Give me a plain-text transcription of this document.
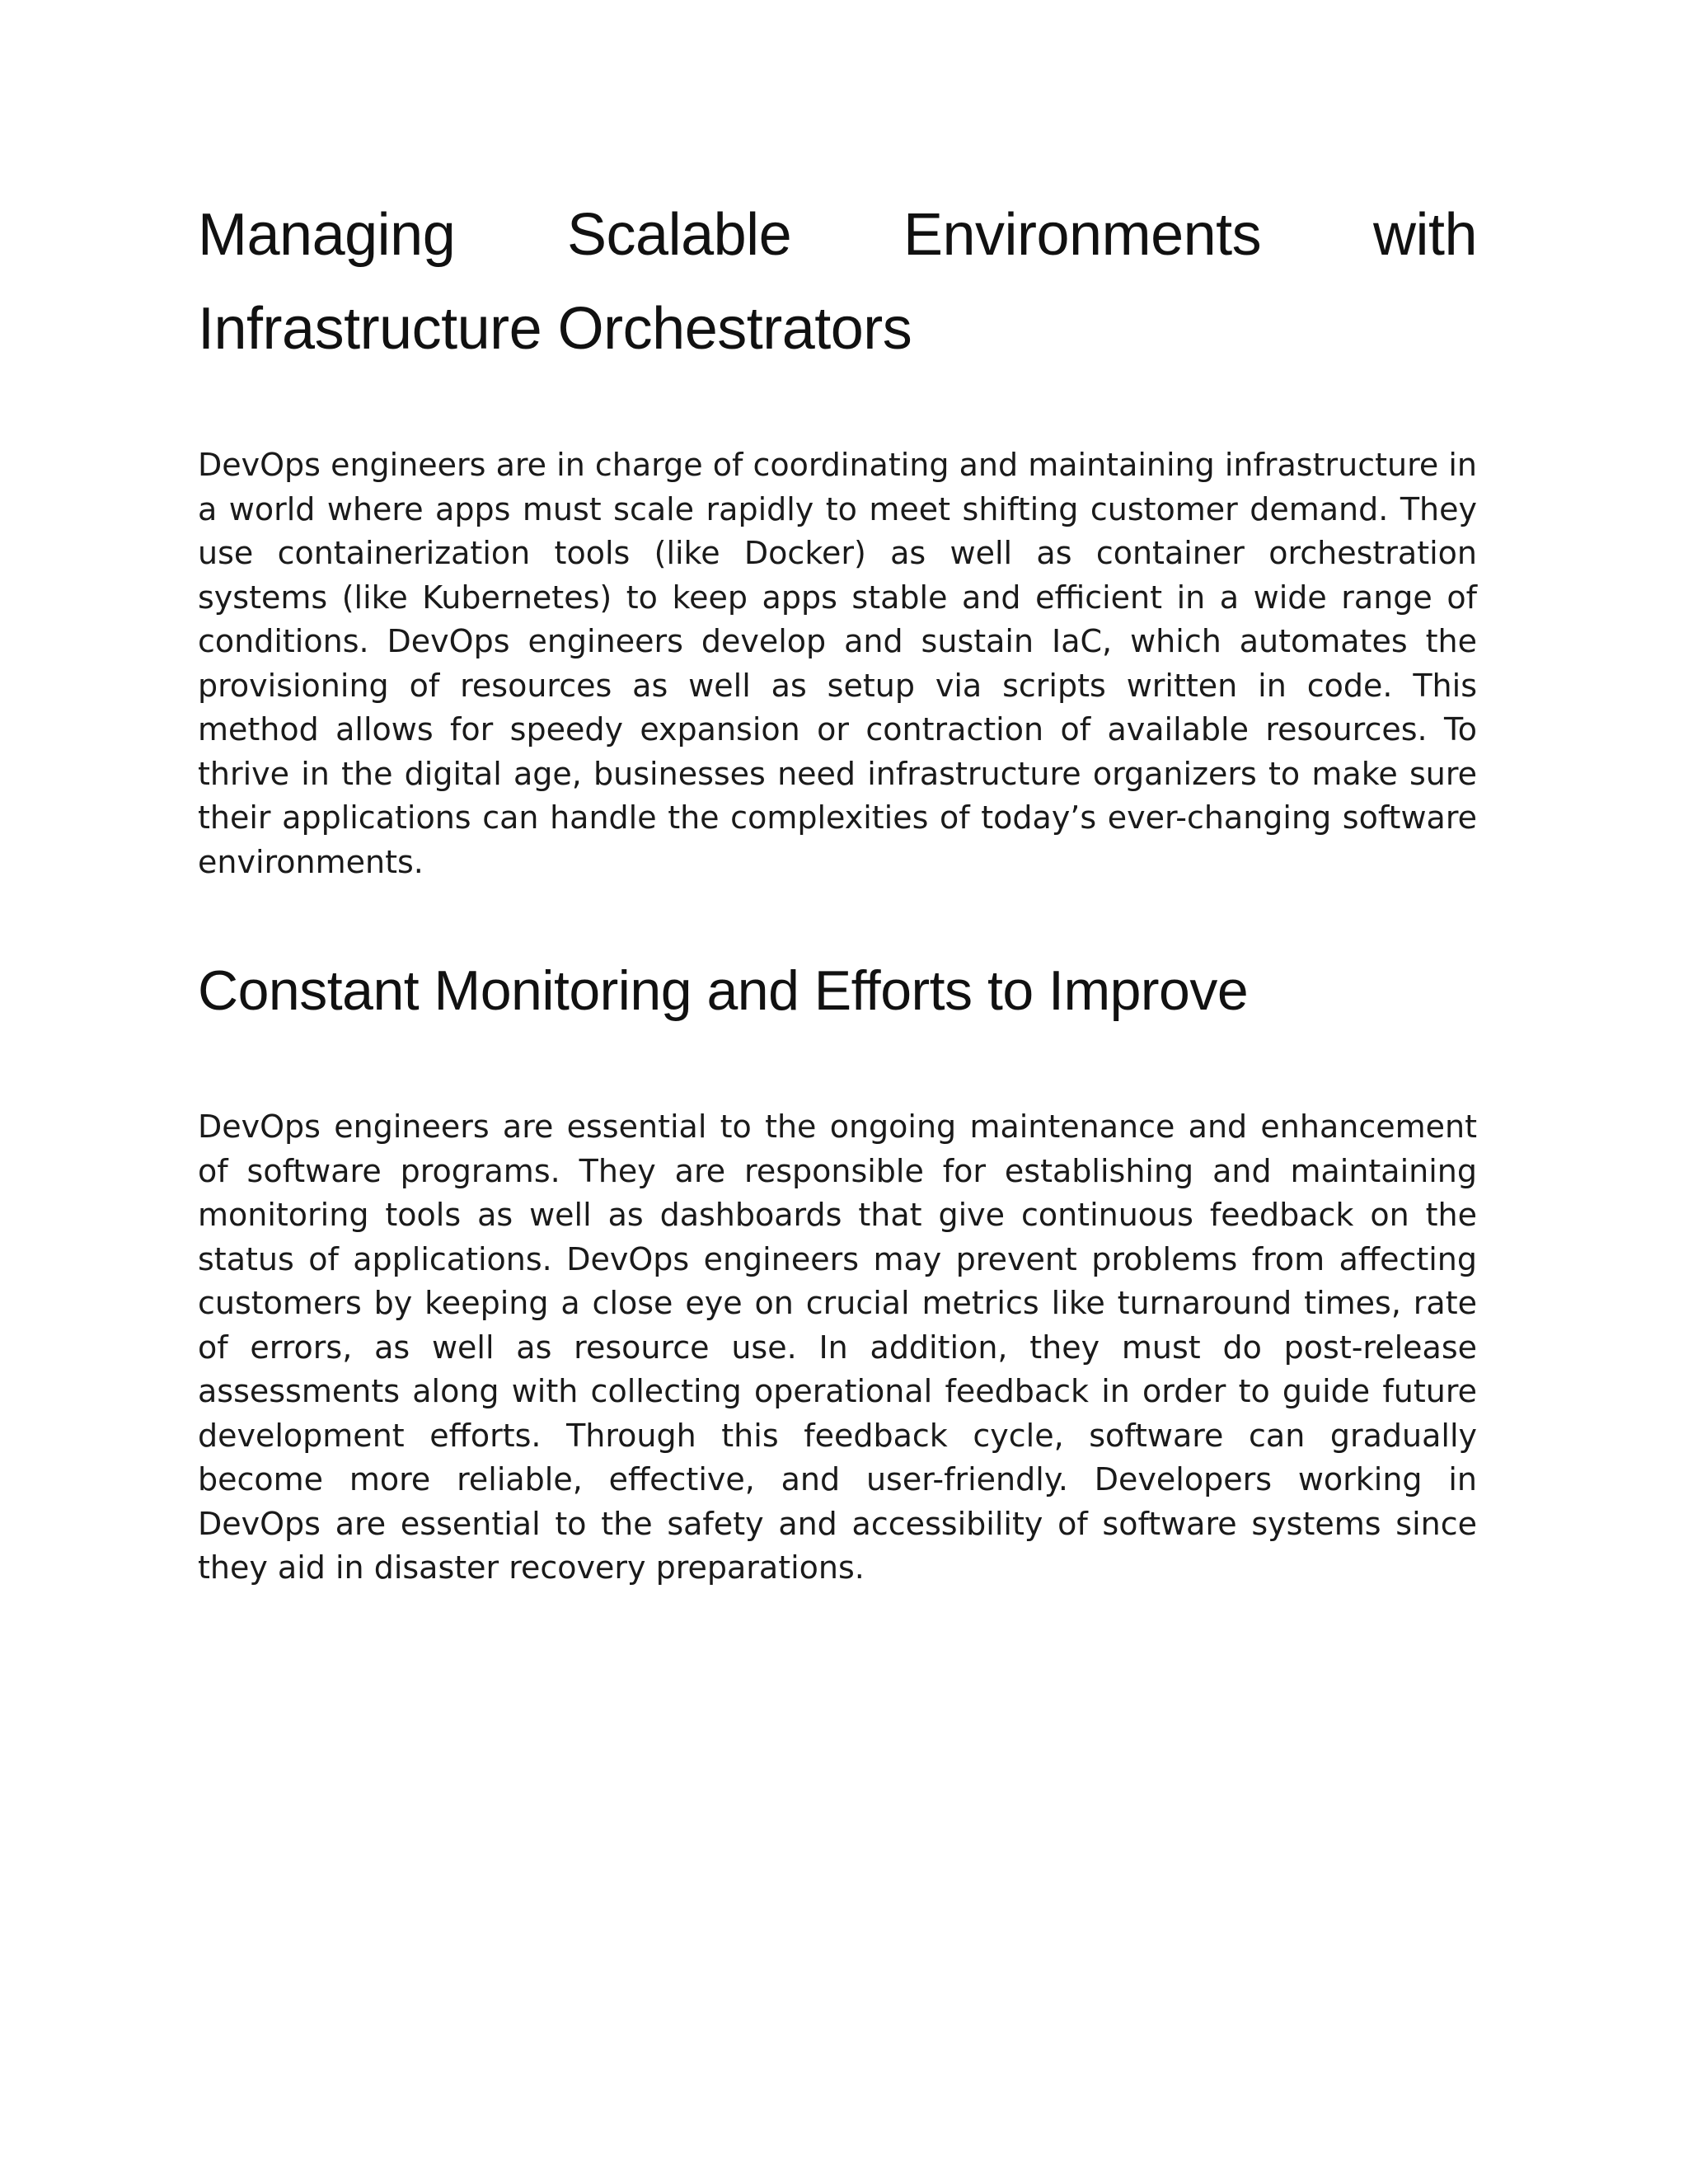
Managing Scalable Environments with Infrastructure Orchestrators

DevOps engineers are in charge of coordinating and maintaining infrastructure in a world where apps must scale rapidly to meet shifting customer demand. They use containerization tools (like Docker) as well as container orchestration systems (like Kubernetes) to keep apps stable and efficient in a wide range of conditions. DevOps engineers develop and sustain IaC, which automates the provisioning of resources as well as setup via scripts written in code. This method allows for speedy expansion or contraction of available resources. To thrive in the digital age, businesses need infrastructure organizers to make sure their applications can handle the complexities of today’s ever-changing software environments.

Constant Monitoring and Efforts to Improve

DevOps engineers are essential to the ongoing maintenance and enhancement of software programs. They are responsible for establishing and maintaining monitoring tools as well as dashboards that give continuous feedback on the status of applications. DevOps engineers may prevent problems from affecting customers by keeping a close eye on crucial metrics like turnaround times, rate of errors, as well as resource use. In addition, they must do post-release assessments along with collecting operational feedback in order to guide future development efforts. Through this feedback cycle, software can gradually become more reliable, effective, and user-friendly. Developers working in DevOps are essential to the safety and accessibility of software systems since they aid in disaster recovery preparations.
